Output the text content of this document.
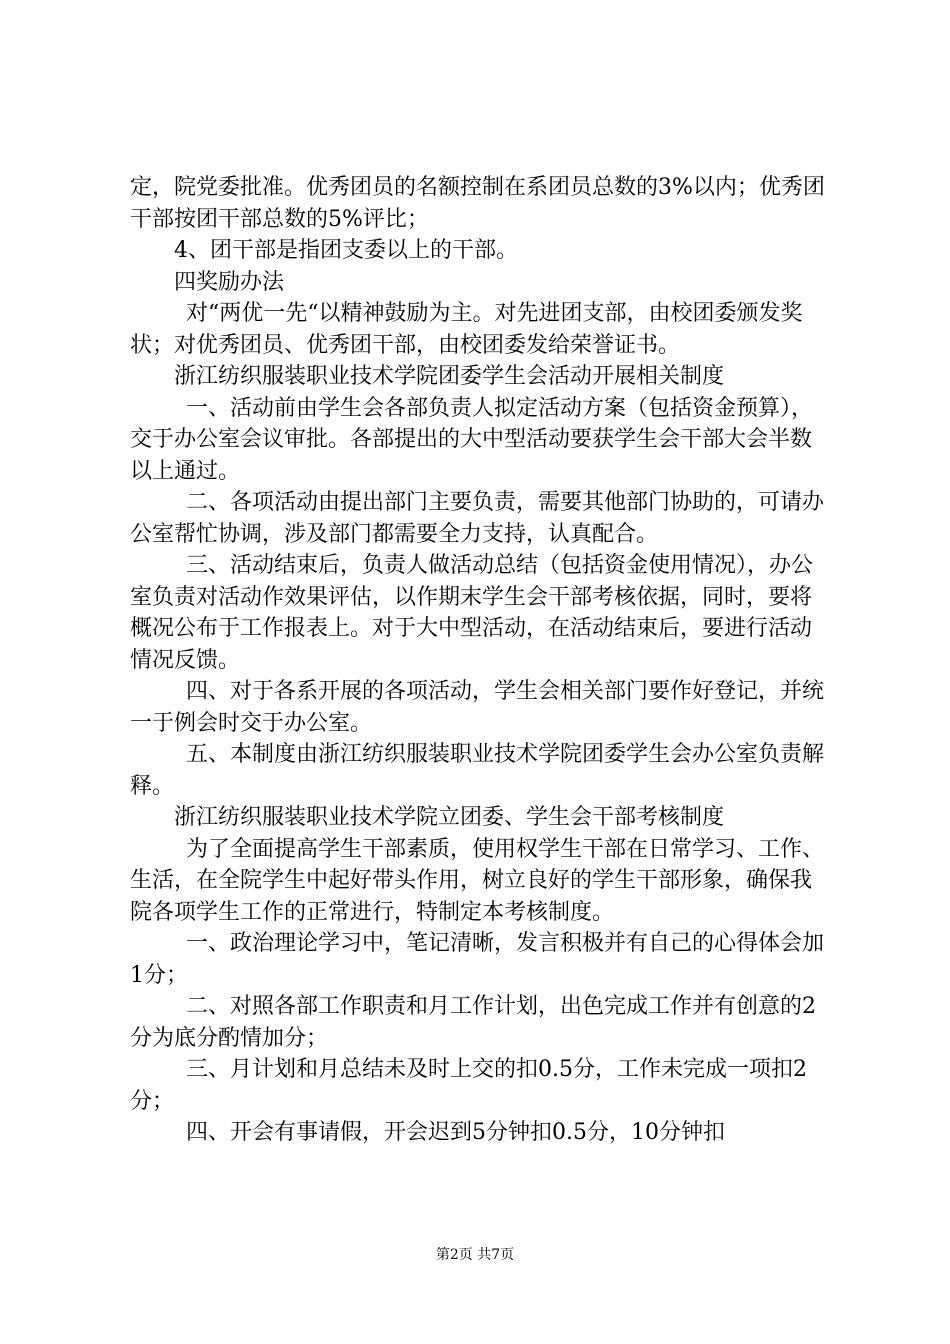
定，院党委批准。优秀团员的名额控制在系团员总数的3%以内；优秀团干部按团干部总数的5%评比；

4、团干部是指团支委以上的干部。

四奖励办法

对“两优一先“以精神鼓励为主。对先进团支部，由校团委颁发奖状；对优秀团员、优秀团干部，由校团委发给荣誉证书。

浙江纺织服装职业技术学院团委学生会活动开展相关制度

一、活动前由学生会各部负责人拟定活动方案（包括资金预算），交于办公室会议审批。各部提出的大中型活动要获学生会干部大会半数以上通过。

二、各项活动由提出部门主要负责，需要其他部门协助的，可请办公室帮忙协调，涉及部门都需要全力支持，认真配合。

三、活动结束后，负责人做活动总结（包括资金使用情况），办公室负责对活动作效果评估，以作期末学生会干部考核依据，同时，要将概况公布于工作报表上。对于大中型活动，在活动结束后，要进行活动情况反馈。

四、对于各系开展的各项活动，学生会相关部门要作好登记，并统一于例会时交于办公室。

五、本制度由浙江纺织服装职业技术学院团委学生会办公室负责解释。

浙江纺织服装职业技术学院立团委、学生会干部考核制度

为了全面提高学生干部素质，使用权学生干部在日常学习、工作、生活，在全院学生中起好带头作用，树立良好的学生干部形象，确保我院各项学生工作的正常进行，特制定本考核制度。

一、政治理论学习中，笔记清晰，发言积极并有自己的心得体会加1分；

二、对照各部工作职责和月工作计划，出色完成工作并有创意的2分为底分酌情加分；

三、月计划和月总结未及时上交的扣0.5分，工作未完成一项扣2分；

四、开会有事请假，开会迟到5分钟扣0.5分，10分钟扣

第2页 共7页
